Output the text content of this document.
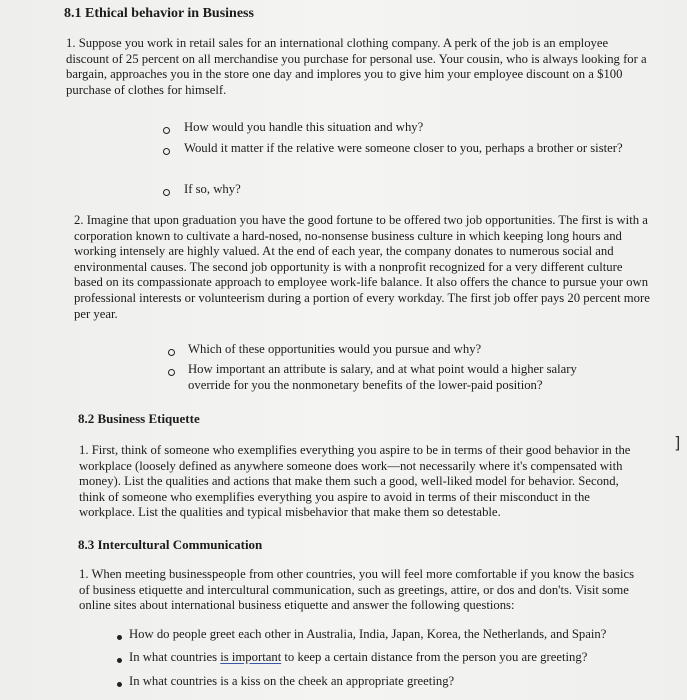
8.1 Ethical behavior in Business
1. Suppose you work in retail sales for an international clothing company. A perk of the job is an employee discount of 25 percent on all merchandise you purchase for personal use. Your cousin, who is always looking for a bargain, approaches you in the store one day and implores you to give him your employee discount on a $100 purchase of clothes for himself.
How would you handle this situation and why?
Would it matter if the relative were someone closer to you, perhaps a brother or sister?
If so, why?
2. Imagine that upon graduation you have the good fortune to be offered two job opportunities. The first is with a corporation known to cultivate a hard-nosed, no-nonsense business culture in which keeping long hours and working intensely are highly valued. At the end of each year, the company donates to numerous social and environmental causes. The second job opportunity is with a nonprofit recognized for a very different culture based on its compassionate approach to employee work-life balance. It also offers the chance to pursue your own professional interests or volunteerism during a portion of every workday. The first job offer pays 20 percent more per year.
Which of these opportunities would you pursue and why?
How important an attribute is salary, and at what point would a higher salary override for you the nonmonetary benefits of the lower-paid position?
8.2 Business Etiquette
1. First, think of someone who exemplifies everything you aspire to be in terms of their good behavior in the workplace (loosely defined as anywhere someone does work—not necessarily where it's compensated with money). List the qualities and actions that make them such a good, well-liked model for behavior. Second, think of someone who exemplifies everything you aspire to avoid in terms of their misconduct in the workplace. List the qualities and typical misbehavior that make them so detestable.
8.3 Intercultural Communication
1. When meeting businesspeople from other countries, you will feel more comfortable if you know the basics of business etiquette and intercultural communication, such as greetings, attire, or dos and don'ts. Visit some online sites about international business etiquette and answer the following questions:
How do people greet each other in Australia, India, Japan, Korea, the Netherlands, and Spain?
In what countries is important to keep a certain distance from the person you are greeting?
In what countries is a kiss on the cheek an appropriate greeting?
]
